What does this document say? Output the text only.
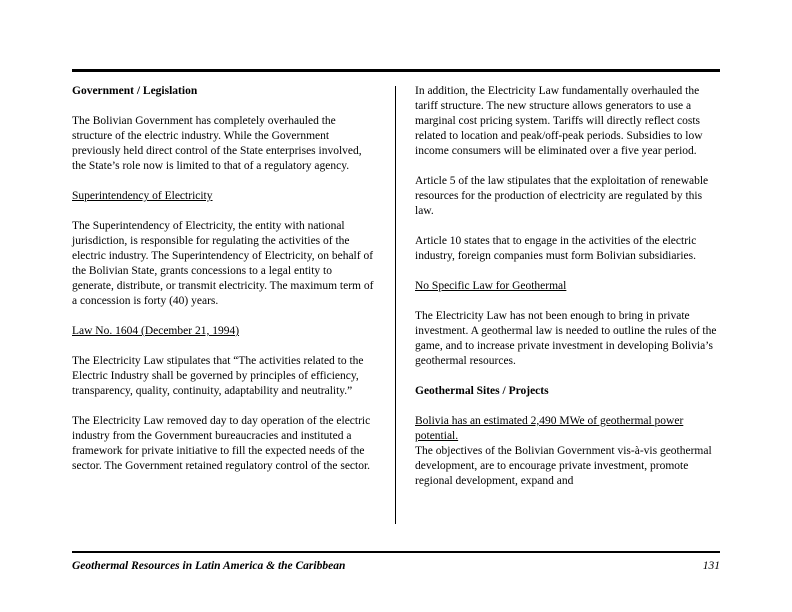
Government / Legislation

The Bolivian Government has completely overhauled the structure of the electric industry. While the Government previously held direct control of the State enterprises involved, the State’s role now is limited to that of a regulatory agency.

Superintendency of Electricity

The Superintendency of Electricity, the entity with national jurisdiction, is responsible for regulating the activities of the electric industry. The Superintendency of Electricity, on behalf of the Bolivian State, grants concessions to a legal entity to generate, distribute, or transmit electricity. The maximum term of a concession is forty (40) years.

Law No. 1604 (December 21, 1994)

The Electricity Law stipulates that “The activities related to the Electric Industry shall be governed by principles of efficiency, transparency, quality, continuity, adaptability and neutrality.”

The Electricity Law removed day to day operation of the electric industry from the Government bureaucracies and instituted a framework for private initiative to fill the expected needs of the sector. The Government retained regulatory control of the sector.

In addition, the Electricity Law fundamentally overhauled the tariff structure. The new structure allows generators to use a marginal cost pricing system. Tariffs will directly reflect costs related to location and peak/off-peak periods. Subsidies to low income consumers will be eliminated over a five year period.

Article 5 of the law stipulates that the exploitation of renewable resources for the production of electricity are regulated by this law.

Article 10 states that to engage in the activities of the electric industry, foreign companies must form Bolivian subsidiaries.

No Specific Law for Geothermal

The Electricity Law has not been enough to bring in private investment. A geothermal law is needed to outline the rules of the game, and to increase private investment in developing Bolivia’s geothermal resources.

Geothermal Sites / Projects

Bolivia has an estimated 2,490 MWe of geothermal power potential.
The objectives of the Bolivian Government vis-à-vis geothermal development, are to encourage private investment, promote regional development, expand and

Geothermal Resources in Latin America & the Caribbean	131
